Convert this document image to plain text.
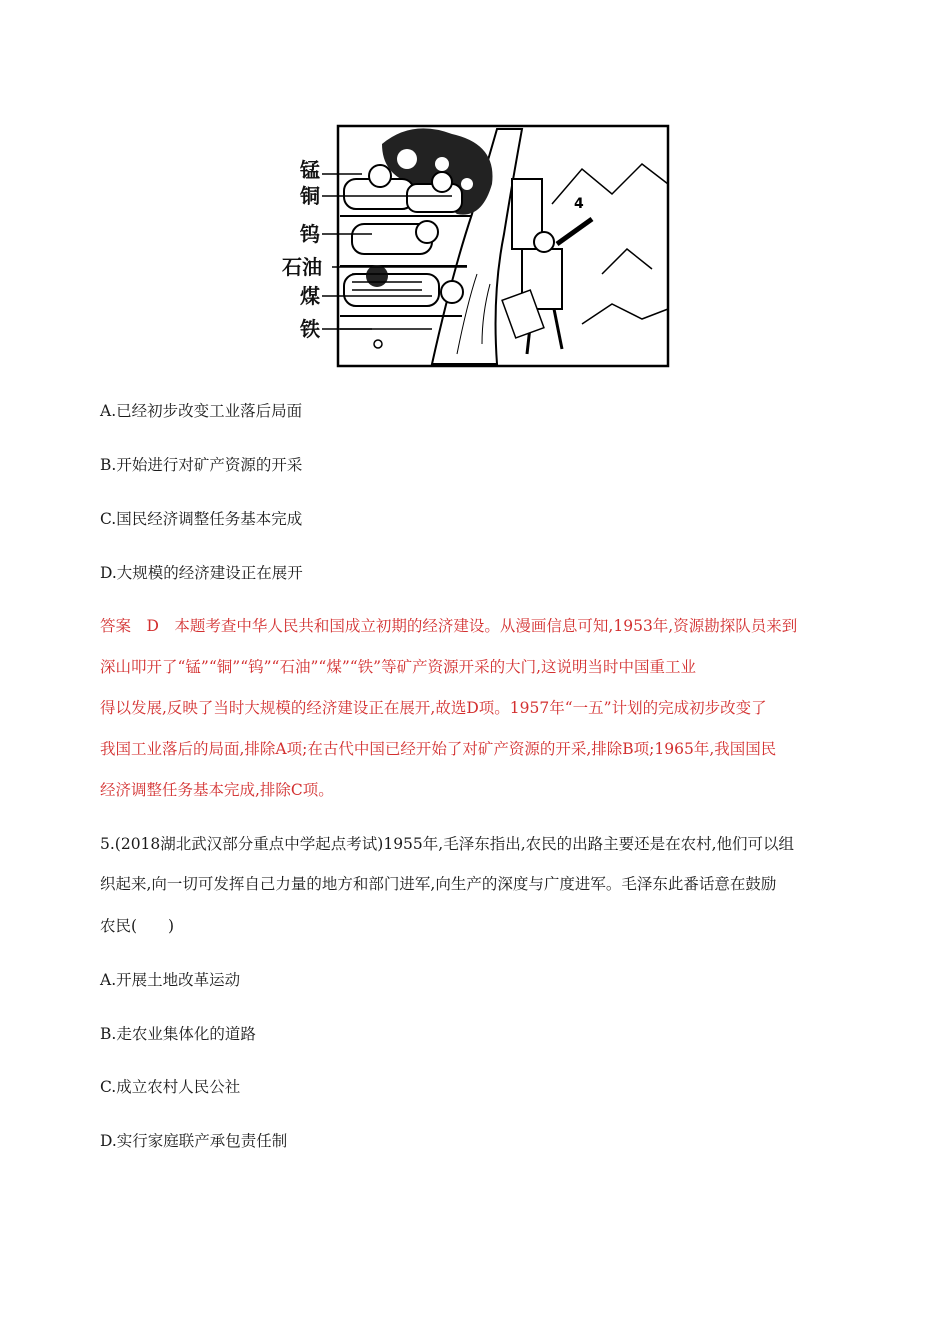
4
锰
铜
钨
石油
煤
铁
A.已经初步改变工业落后局面
B.开始进行对矿产资源的开采
C.国民经济调整任务基本完成
D.大规模的经济建设正在展开
答案　D　本题考查中华人民共和国成立初期的经济建设。从漫画信息可知,1953年,资源勘探队员来到
深山叩开了“锰”“铜”“钨”“石油”“煤”“铁”等矿产资源开采的大门,这说明当时中国重工业
得以发展,反映了当时大规模的经济建设正在展开,故选D项。1957年“一五”计划的完成初步改变了
我国工业落后的局面,排除A项;在古代中国已经开始了对矿产资源的开采,排除B项;1965年,我国国民
经济调整任务基本完成,排除C项。
5.(2018湖北武汉部分重点中学起点考试)1955年,毛泽东指出,农民的出路主要还是在农村,他们可以组
织起来,向一切可发挥自己力量的地方和部门进军,向生产的深度与广度进军。毛泽东此番话意在鼓励
农民(　　)
A.开展土地改革运动
B.走农业集体化的道路
C.成立农村人民公社
D.实行家庭联产承包责任制
